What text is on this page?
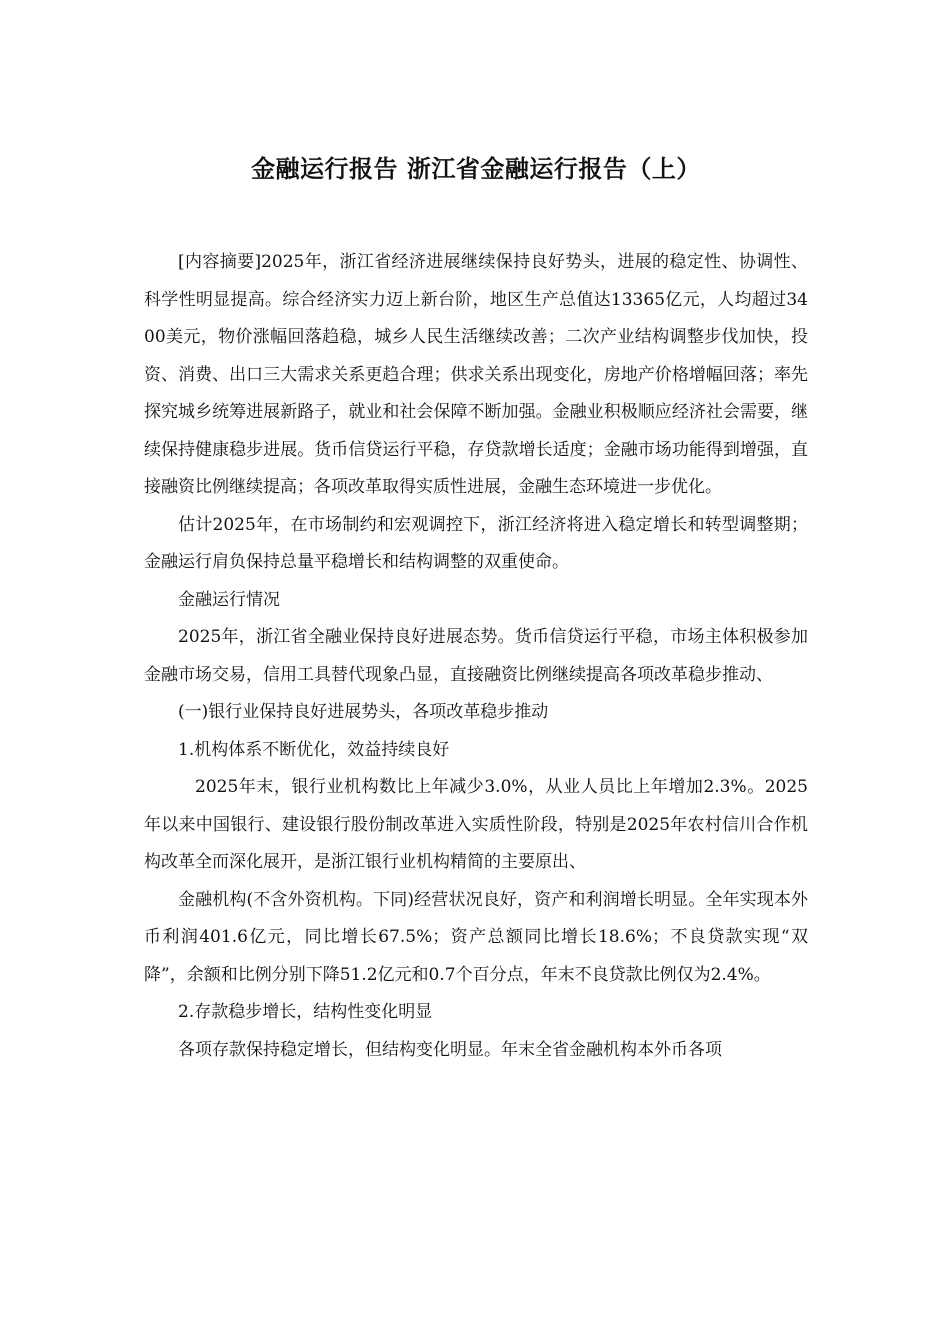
金融运行报告 浙江省金融运行报告（上）

[内容摘要]2025年，浙江省经济进展继续保持良好势头，进展的稳定性、协调性、科学性明显提高。综合经济实力迈上新台阶，地区生产总值达13365亿元，人均超过3400美元，物价涨幅回落趋稳，城乡人民生活继续改善；二次产业结构调整步伐加快，投资、消费、出口三大需求关系更趋合理；供求关系出现变化，房地产价格增幅回落；率先探究城乡统筹进展新路子，就业和社会保障不断加强。金融业积极顺应经济社会需要，继续保持健康稳步进展。货币信贷运行平稳，存贷款增长适度；金融市场功能得到增强，直接融资比例继续提高；各项改革取得实质性进展，金融生态环境进一步优化。

估计2025年，在市场制约和宏观调控下，浙江经济将进入稳定增长和转型调整期；金融运行肩负保持总量平稳增长和结构调整的双重使命。

金融运行情况

2025年，浙江省全融业保持良好进展态势。货币信贷运行平稳，市场主体积极参加金融市场交易，信用工具替代现象凸显，直接融资比例继续提高各项改革稳步推动、

(一)银行业保持良好进展势头，各项改革稳步推动

1.机构体系不断优化，效益持续良好

2025年末，银行业机构数比上年减少3.0%，从业人员比上年增加2.3%。2025年以来中国银行、建设银行股份制改革进入实质性阶段，特别是2025年农村信川合作机构改革全而深化展开，是浙江银行业机构精简的主要原出、

金融机构(不含外资机构。下同)经营状况良好，资产和利润增长明显。全年实现本外币利润401.6亿元，同比增长67.5%；资产总额同比增长18.6%；不良贷款实现“双降”，余额和比例分别下降51.2亿元和0.7个百分点，年末不良贷款比例仅为2.4%。

2.存款稳步增长，结构性变化明显

各项存款保持稳定增长，但结构变化明显。年末全省金融机构本外币各项
